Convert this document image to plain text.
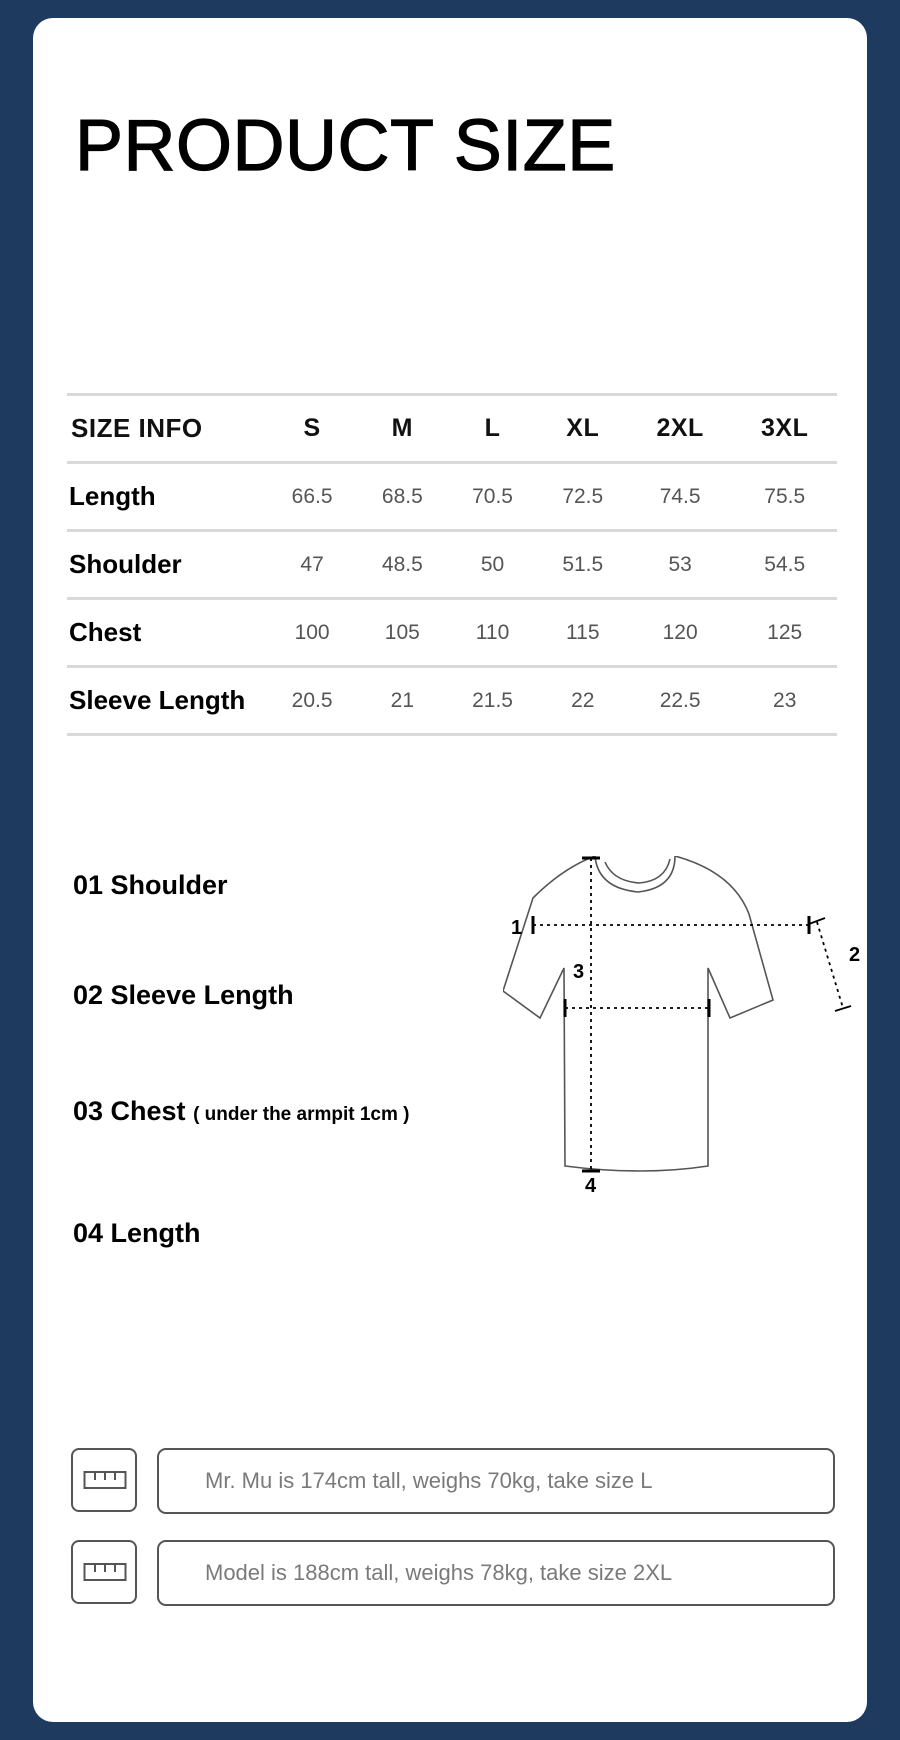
PRODUCT SIZE
SIZE INFO	S	M	L	XL	2XL	3XL
Length	66.5	68.5	70.5	72.5	74.5	75.5
Shoulder	47	48.5	50	51.5	53	54.5
Chest	100	105	110	115	120	125
Sleeve Length	20.5	21	21.5	22	22.5	23
01 Shoulder
02 Sleeve Length
03 Chest ( under the armpit 1cm )
04 Length
1
2
3
4
Mr. Mu is 174cm tall, weighs 70kg, take size L
Model is 188cm tall, weighs 78kg, take size 2XL
